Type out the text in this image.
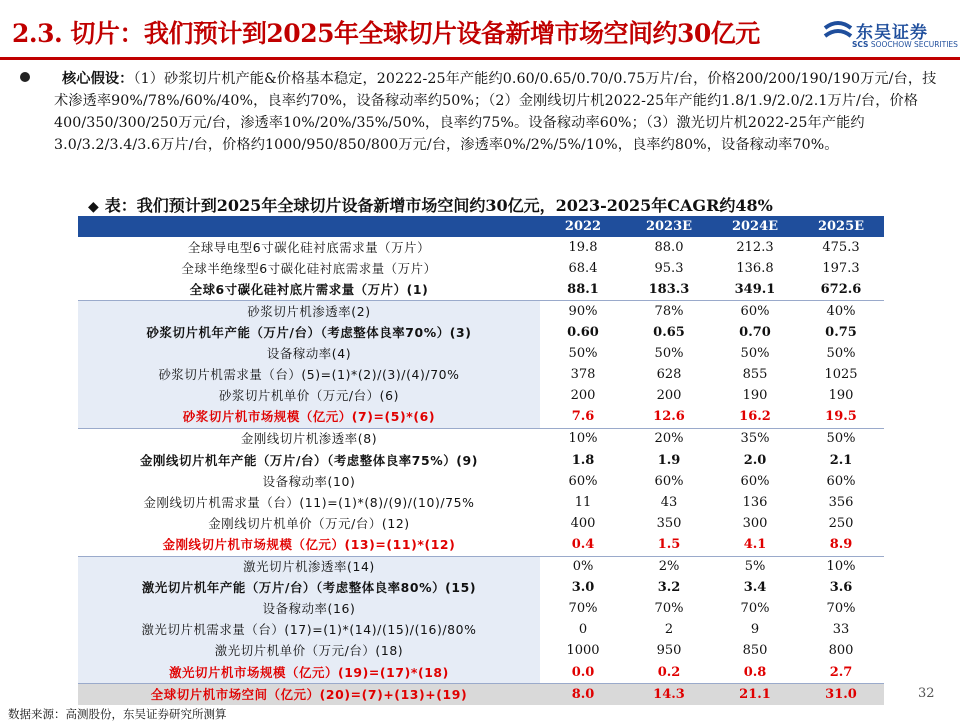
2.3. 切片：我们预计到2025年全球切片设备新增市场空间约30亿元	东吴证券
SCS SOOCHOW SECURITIES
核心假设：（1）砂浆切片机产能&价格基本稳定，20222-25年产能约0.60/0.65/0.70/0.75万片/台，价格200/200/190/190万元/台，技术渗透率90%/78%/60%/40%，良率约70%，设备稼动率约50%；（2）金刚线切片机2022-25年产能约1.8/1.9/2.0/2.1万片/台，价格400/350/300/250万元/台，渗透率10%/20%/35%/50%，良率约75%。设备稼动率60%；（3）激光切片机2022-25年产能约3.0/3.2/3.4/3.6万片/台，价格约1000/950/850/800万元/台，渗透率0%/2%/5%/10%，良率约80%，设备稼动率70%。
◆ 表：我们预计到2025年全球切片设备新增市场空间约30亿元，2023-2025年CAGR约48%
	2022	2023E	2024E	2025E
全球导电型6寸碳化硅衬底需求量（万片）	19.8	88.0	212.3	475.3
全球半绝缘型6寸碳化硅衬底需求量（万片）	68.4	95.3	136.8	197.3
全球6寸碳化硅衬底片需求量（万片）(1)	88.1	183.3	349.1	672.6
砂浆切片机渗透率(2)	90%	78%	60%	40%
砂浆切片机年产能（万片/台）（考虑整体良率70%）(3)	0.60	0.65	0.70	0.75
设备稼动率(4)	50%	50%	50%	50%
砂浆切片机需求量（台）(5)=(1)*(2)/(3)/(4)/70%	378	628	855	1025
砂浆切片机单价（万元/台）(6)	200	200	190	190
砂浆切片机市场规模（亿元）(7)=(5)*(6)	7.6	12.6	16.2	19.5
金刚线切片机渗透率(8)	10%	20%	35%	50%
金刚线切片机年产能（万片/台）（考虑整体良率75%）(9)	1.8	1.9	2.0	2.1
设备稼动率(10)	60%	60%	60%	60%
金刚线切片机需求量（台）(11)=(1)*(8)/(9)/(10)/75%	11	43	136	356
金刚线切片机单价（万元/台）(12)	400	350	300	250
金刚线切片机市场规模（亿元）(13)=(11)*(12)	0.4	1.5	4.1	8.9
激光切片机渗透率(14)	0%	2%	5%	10%
激光切片机年产能（万片/台）（考虑整体良率80%）(15)	3.0	3.2	3.4	3.6
设备稼动率(16)	70%	70%	70%	70%
激光切片机需求量（台）(17)=(1)*(14)/(15)/(16)/80%	0	2	9	33
激光切片机单价（万元/台）(18)	1000	950	850	800
激光切片机市场规模（亿元）(19)=(17)*(18)	0.0	0.2	0.8	2.7
全球切片机市场空间（亿元）(20)=(7)+(13)+(19)	8.0	14.3	21.1	31.0
数据来源：高测股份，东吴证券研究所测算
32
